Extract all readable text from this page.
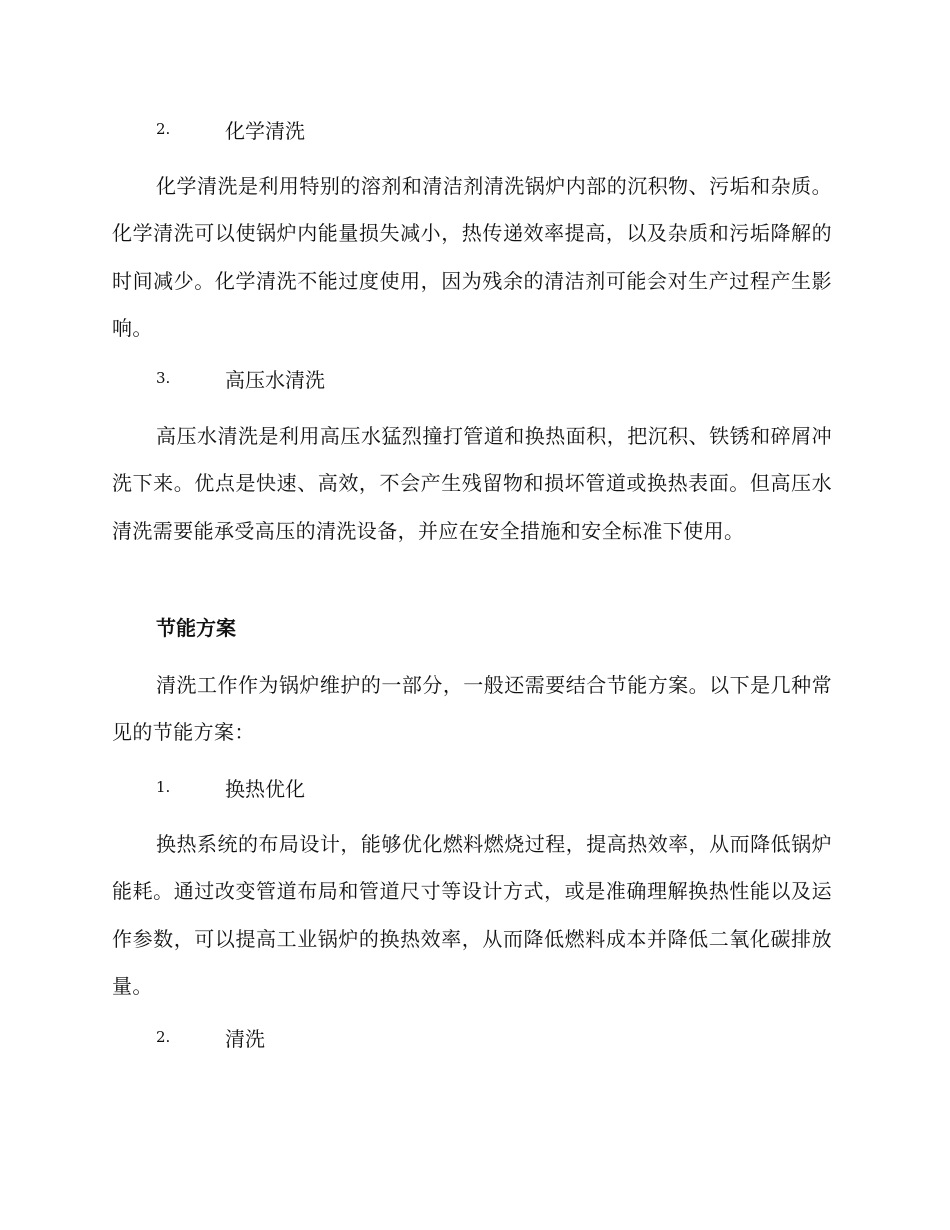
2.	化学清洗

化学清洗是利用特别的溶剂和清洁剂清洗锅炉内部的沉积物、污垢和杂质。化学清洗可以使锅炉内能量损失减小，热传递效率提高，以及杂质和污垢降解的时间减少。化学清洗不能过度使用，因为残余的清洁剂可能会对生产过程产生影响。

3.	高压水清洗

高压水清洗是利用高压水猛烈撞打管道和换热面积，把沉积、铁锈和碎屑冲洗下来。优点是快速、高效，不会产生残留物和损坏管道或换热表面。但高压水清洗需要能承受高压的清洗设备，并应在安全措施和安全标准下使用。

节能方案

清洗工作作为锅炉维护的一部分，一般还需要结合节能方案。以下是几种常见的节能方案：

1.	换热优化

换热系统的布局设计，能够优化燃料燃烧过程，提高热效率，从而降低锅炉能耗。通过改变管道布局和管道尺寸等设计方式，或是准确理解换热性能以及运作参数，可以提高工业锅炉的换热效率，从而降低燃料成本并降低二氧化碳排放量。

2.	清洗
